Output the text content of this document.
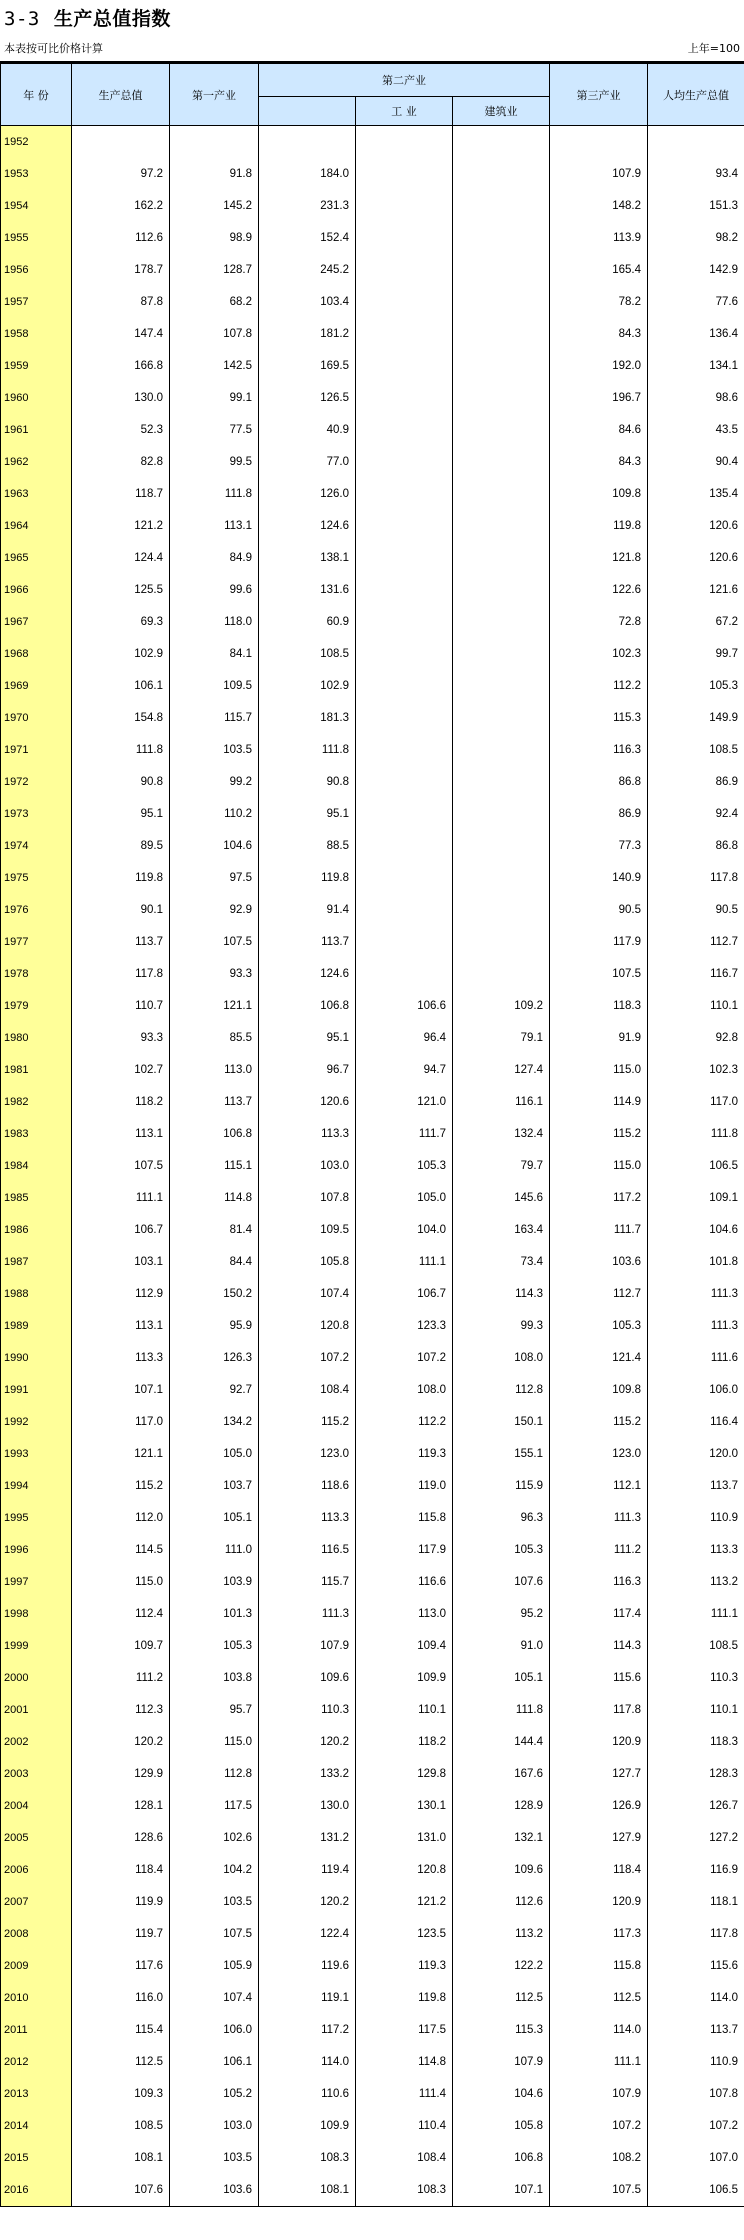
3-3 生产总值指数
本表按可比价格计算	上年=100
年 份	生产总值	第一产业	第二产业			第三产业	人均生产总值
				工 业	建筑业		
1952							
1953	97.2	91.8	184.0			107.9	93.4
1954	162.2	145.2	231.3			148.2	151.3
1955	112.6	98.9	152.4			113.9	98.2
1956	178.7	128.7	245.2			165.4	142.9
1957	87.8	68.2	103.4			78.2	77.6
1958	147.4	107.8	181.2			84.3	136.4
1959	166.8	142.5	169.5			192.0	134.1
1960	130.0	99.1	126.5			196.7	98.6
1961	52.3	77.5	40.9			84.6	43.5
1962	82.8	99.5	77.0			84.3	90.4
1963	118.7	111.8	126.0			109.8	135.4
1964	121.2	113.1	124.6			119.8	120.6
1965	124.4	84.9	138.1			121.8	120.6
1966	125.5	99.6	131.6			122.6	121.6
1967	69.3	118.0	60.9			72.8	67.2
1968	102.9	84.1	108.5			102.3	99.7
1969	106.1	109.5	102.9			112.2	105.3
1970	154.8	115.7	181.3			115.3	149.9
1971	111.8	103.5	111.8			116.3	108.5
1972	90.8	99.2	90.8			86.8	86.9
1973	95.1	110.2	95.1			86.9	92.4
1974	89.5	104.6	88.5			77.3	86.8
1975	119.8	97.5	119.8			140.9	117.8
1976	90.1	92.9	91.4			90.5	90.5
1977	113.7	107.5	113.7			117.9	112.7
1978	117.8	93.3	124.6			107.5	116.7
1979	110.7	121.1	106.8	106.6	109.2	118.3	110.1
1980	93.3	85.5	95.1	96.4	79.1	91.9	92.8
1981	102.7	113.0	96.7	94.7	127.4	115.0	102.3
1982	118.2	113.7	120.6	121.0	116.1	114.9	117.0
1983	113.1	106.8	113.3	111.7	132.4	115.2	111.8
1984	107.5	115.1	103.0	105.3	79.7	115.0	106.5
1985	111.1	114.8	107.8	105.0	145.6	117.2	109.1
1986	106.7	81.4	109.5	104.0	163.4	111.7	104.6
1987	103.1	84.4	105.8	111.1	73.4	103.6	101.8
1988	112.9	150.2	107.4	106.7	114.3	112.7	111.3
1989	113.1	95.9	120.8	123.3	99.3	105.3	111.3
1990	113.3	126.3	107.2	107.2	108.0	121.4	111.6
1991	107.1	92.7	108.4	108.0	112.8	109.8	106.0
1992	117.0	134.2	115.2	112.2	150.1	115.2	116.4
1993	121.1	105.0	123.0	119.3	155.1	123.0	120.0
1994	115.2	103.7	118.6	119.0	115.9	112.1	113.7
1995	112.0	105.1	113.3	115.8	96.3	111.3	110.9
1996	114.5	111.0	116.5	117.9	105.3	111.2	113.3
1997	115.0	103.9	115.7	116.6	107.6	116.3	113.2
1998	112.4	101.3	111.3	113.0	95.2	117.4	111.1
1999	109.7	105.3	107.9	109.4	91.0	114.3	108.5
2000	111.2	103.8	109.6	109.9	105.1	115.6	110.3
2001	112.3	95.7	110.3	110.1	111.8	117.8	110.1
2002	120.2	115.0	120.2	118.2	144.4	120.9	118.3
2003	129.9	112.8	133.2	129.8	167.6	127.7	128.3
2004	128.1	117.5	130.0	130.1	128.9	126.9	126.7
2005	128.6	102.6	131.2	131.0	132.1	127.9	127.2
2006	118.4	104.2	119.4	120.8	109.6	118.4	116.9
2007	119.9	103.5	120.2	121.2	112.6	120.9	118.1
2008	119.7	107.5	122.4	123.5	113.2	117.3	117.8
2009	117.6	105.9	119.6	119.3	122.2	115.8	115.6
2010	116.0	107.4	119.1	119.8	112.5	112.5	114.0
2011	115.4	106.0	117.2	117.5	115.3	114.0	113.7
2012	112.5	106.1	114.0	114.8	107.9	111.1	110.9
2013	109.3	105.2	110.6	111.4	104.6	107.9	107.8
2014	108.5	103.0	109.9	110.4	105.8	107.2	107.2
2015	108.1	103.5	108.3	108.4	106.8	108.2	107.0
2016	107.6	103.6	108.1	108.3	107.1	107.5	106.5
